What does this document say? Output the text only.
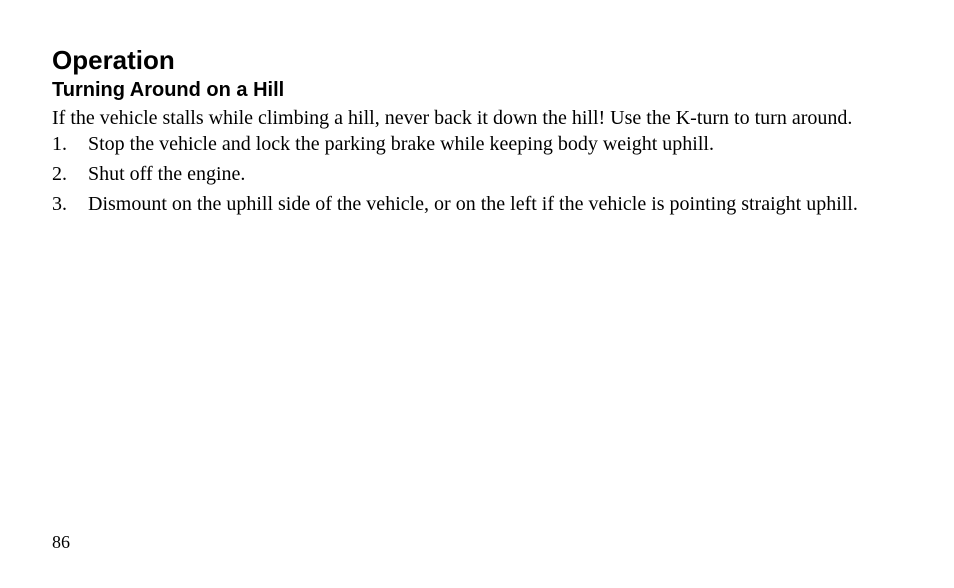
Operation
Turning Around on a Hill

If the vehicle stalls while climbing a hill, never back it down the hill! Use the K-turn to turn around.

1.	Stop the vehicle and lock the parking brake while keeping body weight uphill.
2.	Shut off the engine.
3.	Dismount on the uphill side of the vehicle, or on the left if the vehicle is pointing straight uphill.
86
